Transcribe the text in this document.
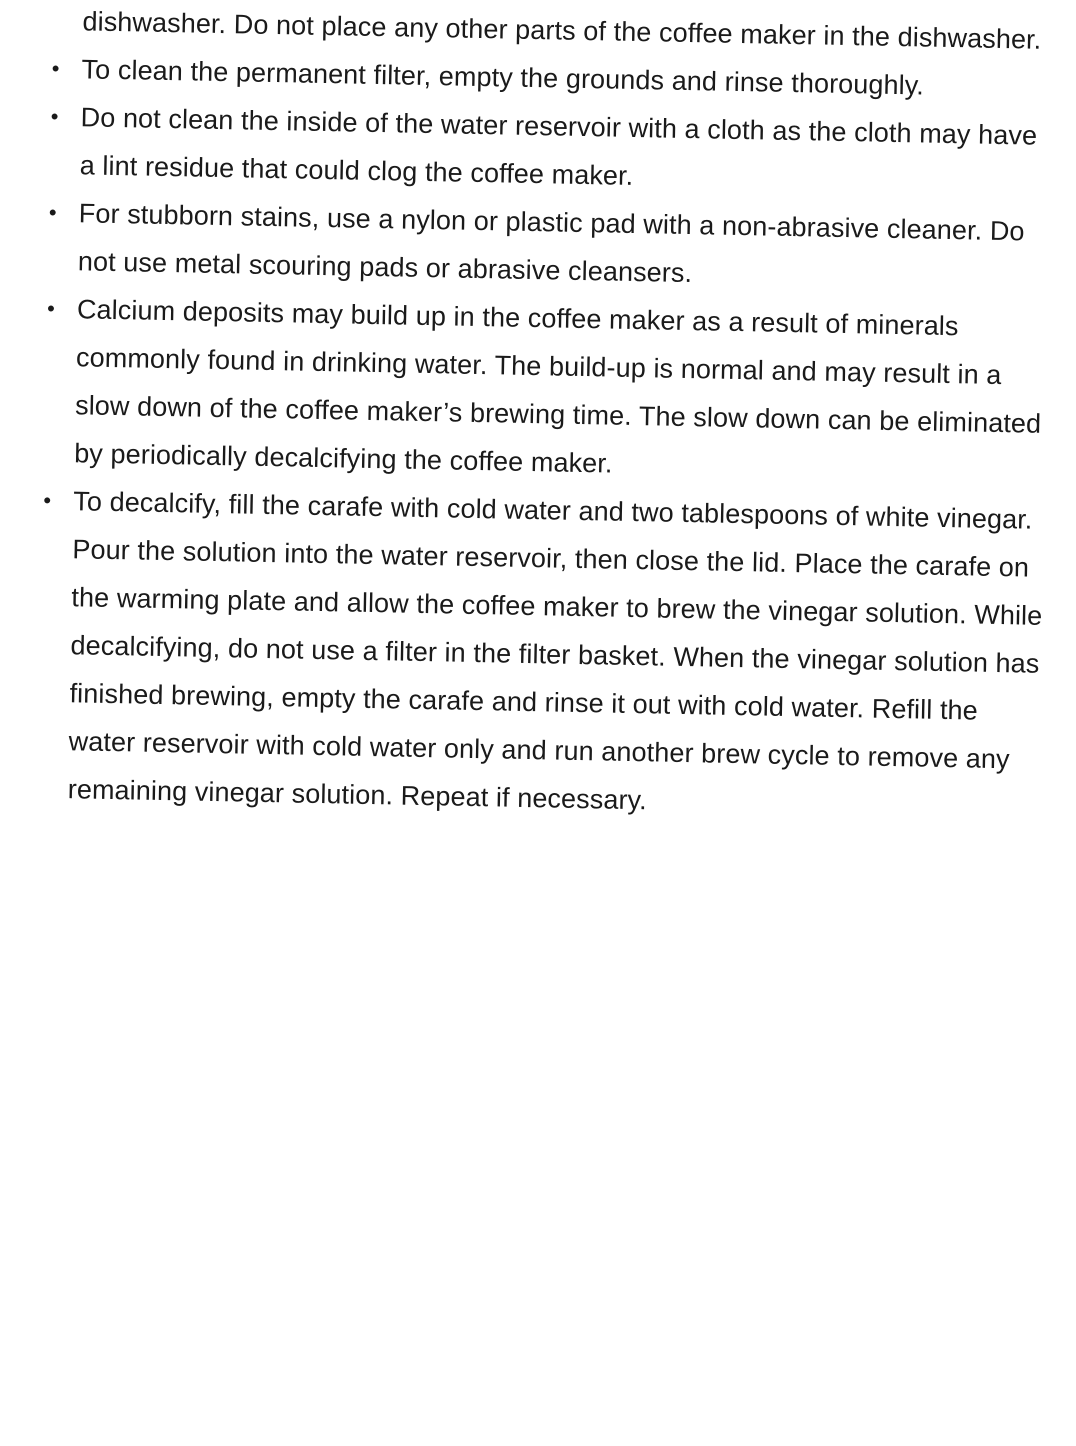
dishwasher. Do not place any other parts of the coffee maker in the dishwasher.

• To clean the permanent filter, empty the grounds and rinse thoroughly.
• Do not clean the inside of the water reservoir with a cloth as the cloth may have a lint residue that could clog the coffee maker.
• For stubborn stains, use a nylon or plastic pad with a non-abrasive cleaner. Do not use metal scouring pads or abrasive cleansers.
• Calcium deposits may build up in the coffee maker as a result of minerals commonly found in drinking water. The build-up is normal and may result in a slow down of the coffee maker’s brewing time. The slow down can be eliminated by periodically decalcifying the coffee maker.
• To decalcify, fill the carafe with cold water and two tablespoons of white vinegar. Pour the solution into the water reservoir, then close the lid. Place the carafe on the warming plate and allow the coffee maker to brew the vinegar solution. While decalcifying, do not use a filter in the filter basket. When the vinegar solution has finished brewing, empty the carafe and rinse it out with cold water. Refill the water reservoir with cold water only and run another brew cycle to remove any remaining vinegar solution. Repeat if necessary.
